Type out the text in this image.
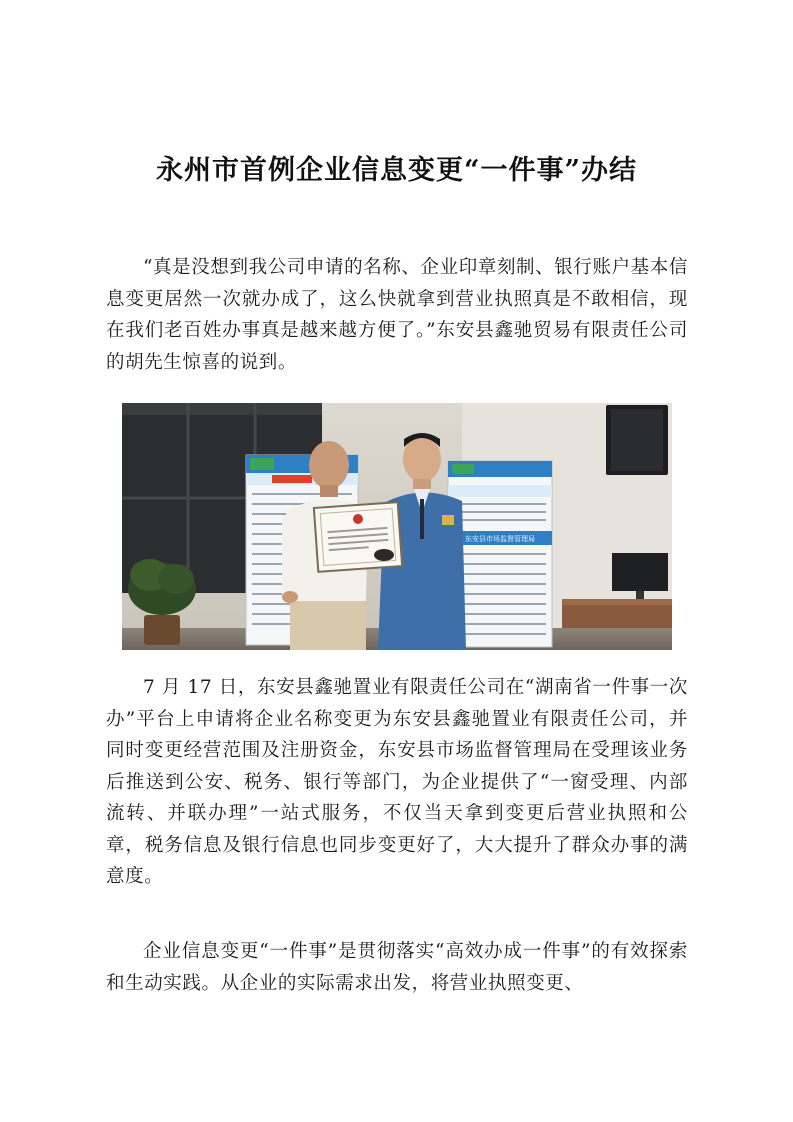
永州市首例企业信息变更“一件事”办结

“真是没想到我公司申请的名称、企业印章刻制、银行账户基本信息变更居然一次就办成了，这么快就拿到营业执照真是不敢相信，现在我们老百姓办事真是越来越方便了。”东安县鑫驰贸易有限责任公司的胡先生惊喜的说到。

东安县市场监督管理局

7 月 17 日，东安县鑫驰置业有限责任公司在“湖南省一件事一次办”平台上申请将企业名称变更为东安县鑫驰置业有限责任公司，并同时变更经营范围及注册资金，东安县市场监督管理局在受理该业务后推送到公安、税务、银行等部门，为企业提供了“一窗受理、内部流转、并联办理”一站式服务，不仅当天拿到变更后营业执照和公章，税务信息及银行信息也同步变更好了，大大提升了群众办事的满意度。

企业信息变更“一件事”是贯彻落实“高效办成一件事”的有效探索和生动实践。从企业的实际需求出发，将营业执照变更、
